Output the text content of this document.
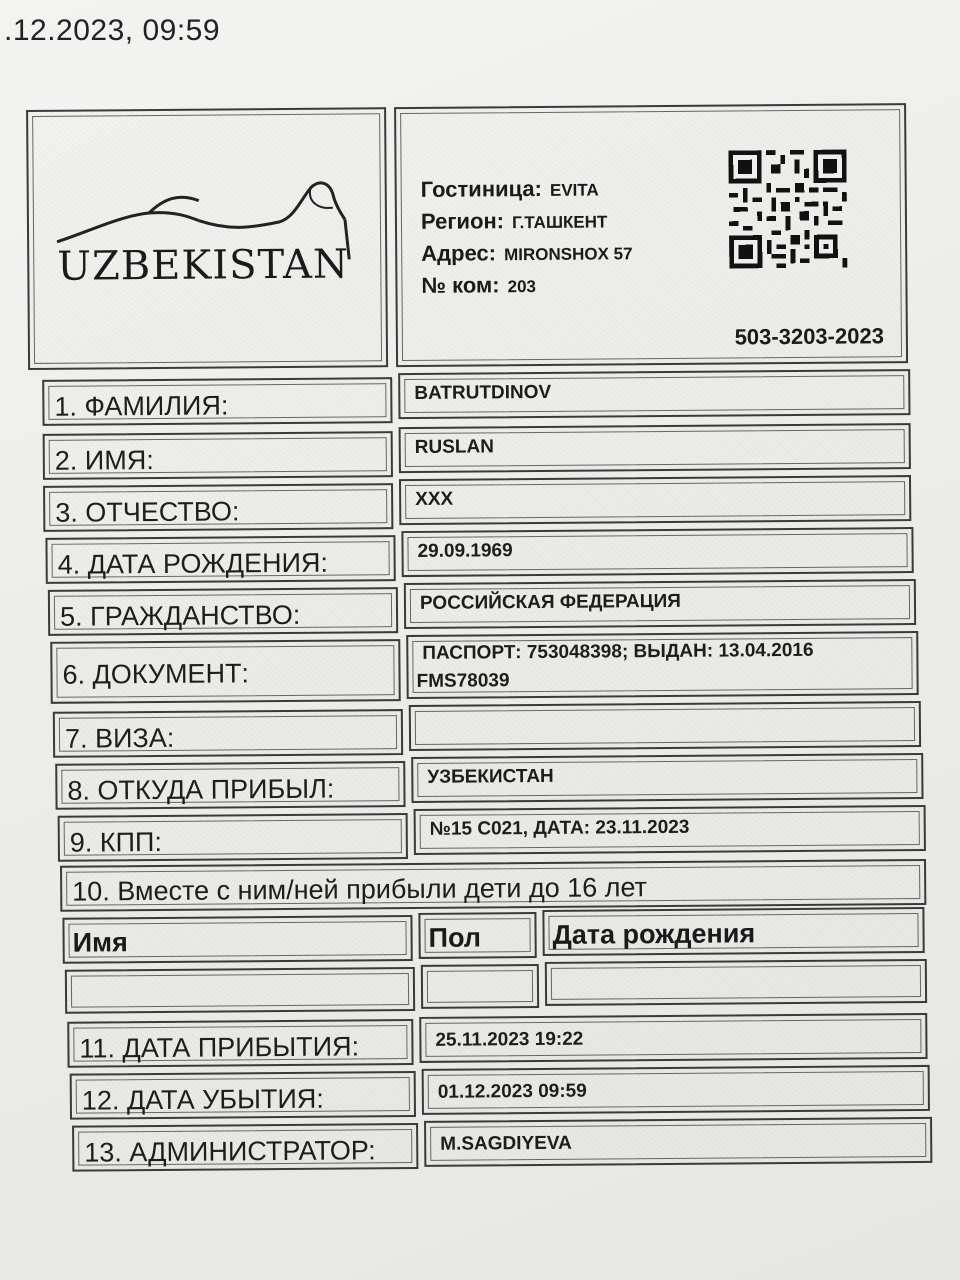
.12.2023, 09:59
UZBEKISTAN
Гостиница: EVITA
Регион: Г.ТАШКЕНТ
Адрес: MIRONSHOX 57
№ ком: 203
503-3203-2023
1. ФАМИЛИЯ:	BATRUTDINOV
2. ИМЯ:	RUSLAN
3. ОТЧЕСТВО:	XXX
4. ДАТА РОЖДЕНИЯ:	29.09.1969
5. ГРАЖДАНСТВО:	РОССИЙСКАЯ ФЕДЕРАЦИЯ
6. ДОКУМЕНТ:
ПАСПОРТ: 753048398; ВЫДАН: 13.04.2016
FMS78039
7. ВИЗА:
8. ОТКУДА ПРИБЫЛ:	УЗБЕКИСТАН
9. КПП:	№15 C021, ДАТА: 23.11.2023
10. Вместе с ним/ней прибыли дети до 16 лет
Имя	Пол	Дата рождения
11. ДАТА ПРИБЫТИЯ:	25.11.2023 19:22
12. ДАТА УБЫТИЯ:	01.12.2023 09:59
13. АДМИНИСТРАТОР:	M.SAGDIYEVA
